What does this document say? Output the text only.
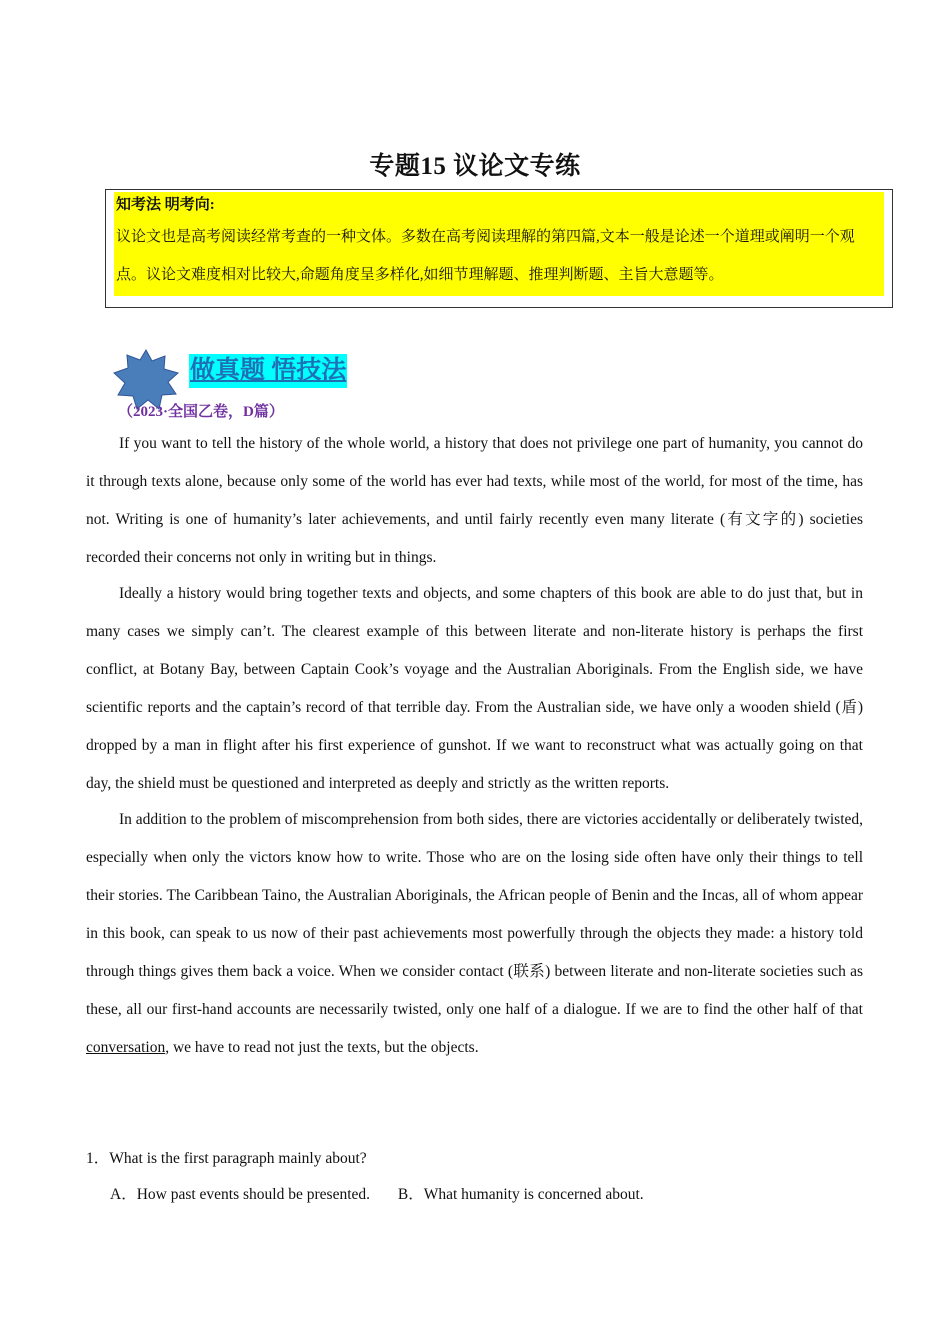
专题15 议论文专练
知考法 明考向:
议论文也是高考阅读经常考查的一种文体。多数在高考阅读理解的第四篇,文本一般是论述一个道理或阐明一个观点。议论文难度相对比较大,命题角度呈多样化,如细节理解题、推理判断题、主旨大意题等。
做真题 悟技法
（2023·全国乙卷，D篇）

If you want to tell the history of the whole world, a history that does not privilege one part of humanity, you cannot do it through texts alone, because only some of the world has ever had texts, while most of the world, for most of the time, has not. Writing is one of humanity’s later achievements, and until fairly recently even many literate (有文字的) societies recorded their concerns not only in writing but in things.

Ideally a history would bring together texts and objects, and some chapters of this book are able to do just that, but in many cases we simply can’t. The clearest example of this between literate and non-literate history is perhaps the first conflict, at Botany Bay, between Captain Cook’s voyage and the Australian Aboriginals. From the English side, we have scientific reports and the captain’s record of that terrible day. From the Australian side, we have only a wooden shield (盾) dropped by a man in flight after his first experience of gunshot. If we want to reconstruct what was actually going on that day, the shield must be questioned and interpreted as deeply and strictly as the written reports.

In addition to the problem of miscomprehension from both sides, there are victories accidentally or deliberately twisted, especially when only the victors know how to write. Those who are on the losing side often have only their things to tell their stories. The Caribbean Taino, the Australian Aboriginals, the African people of Benin and the Incas, all of whom appear in this book, can speak to us now of their past achievements most powerfully through the objects they made: a history told through things gives them back a voice. When we consider contact (联系) between literate and non-literate societies such as these, all our first-hand accounts are necessarily twisted, only one half of a dialogue. If we are to find the other half of that conversation, we have to read not just the texts, but the objects.

1．What is the first paragraph mainly about?
A．How past events should be presented. B．What humanity is concerned about.
